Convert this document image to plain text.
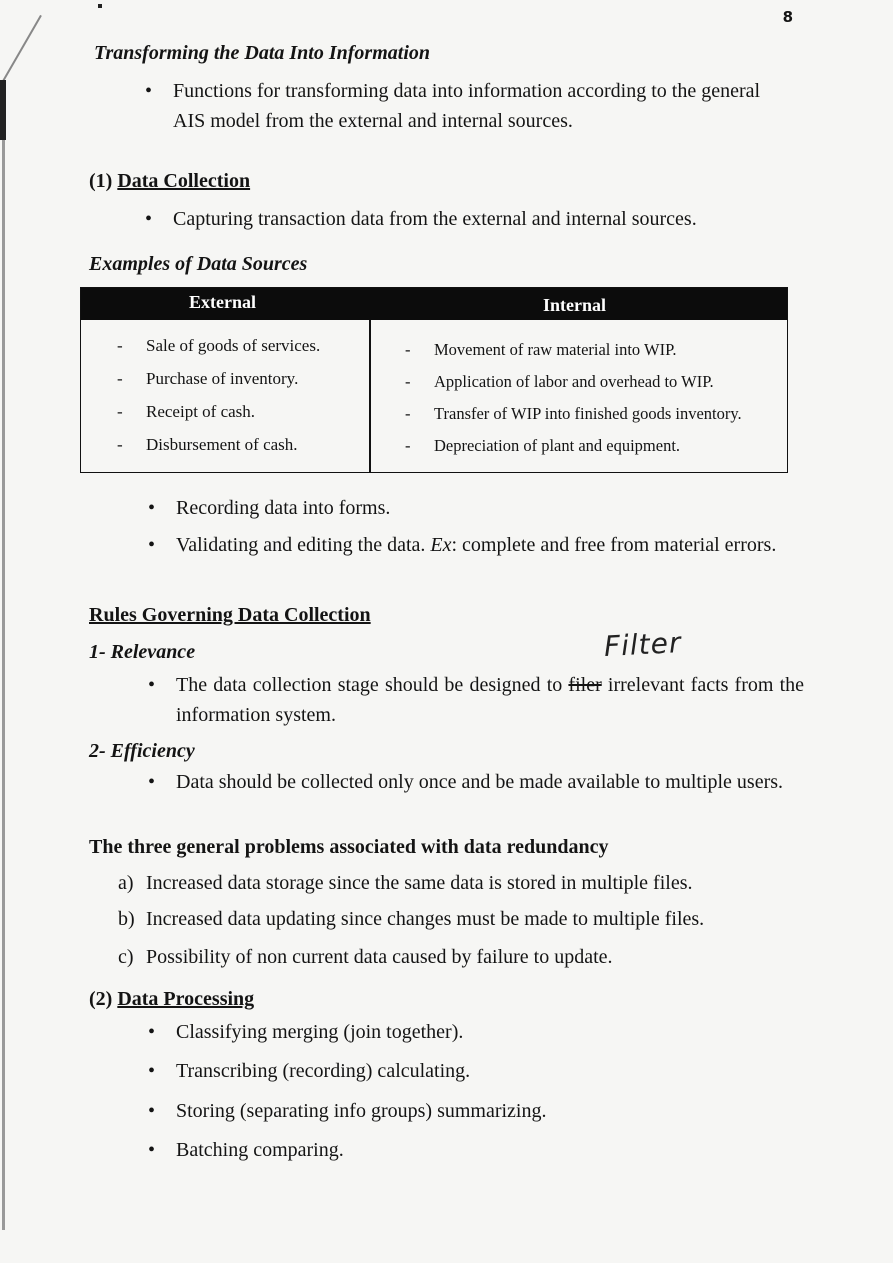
8
Transforming the Data Into Information
• Functions for transforming data into information according to the general AIS model from the external and internal sources.
(1) Data Collection
• Capturing transaction data from the external and internal sources.
Examples of Data Sources
External	Internal
- Sale of goods of services.
- Purchase of inventory.
- Receipt of cash.
- Disbursement of cash.
- Movement of raw material into WIP.
- Application of labor and overhead to WIP.
- Transfer of WIP into finished goods inventory.
- Depreciation of plant and equipment.
• Recording data into forms.
• Validating and editing the data. Ex: complete and free from material errors.
Rules Governing Data Collection
1- Relevance	Filter
• The data collection stage should be designed to filer irrelevant facts from the information system.
2- Efficiency
• Data should be collected only once and be made available to multiple users.
The three general problems associated with data redundancy
a) Increased data storage since the same data is stored in multiple files.
b) Increased data updating since changes must be made to multiple files.
c) Possibility of non current data caused by failure to update.
(2) Data Processing
• Classifying merging (join together).
• Transcribing (recording) calculating.
• Storing (separating info groups) summarizing.
• Batching comparing.
